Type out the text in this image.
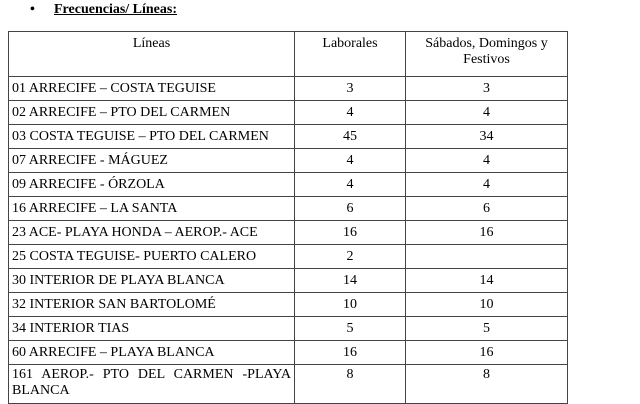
•	Frecuencias/ Líneas:
Líneas	Laborales	Sábados, Domingos y Festivos
01 ARRECIFE – COSTA TEGUISE	3	3
02 ARRECIFE – PTO DEL CARMEN	4	4
03 COSTA TEGUISE – PTO DEL CARMEN	45	34
07 ARRECIFE - MÁGUEZ	4	4
09 ARRECIFE - ÓRZOLA	4	4
16 ARRECIFE – LA SANTA	6	6
23 ACE- PLAYA HONDA – AEROP.- ACE	16	16
25 COSTA TEGUISE- PUERTO CALERO	2	
30 INTERIOR DE PLAYA BLANCA	14	14
32 INTERIOR SAN BARTOLOMÉ	10	10
34 INTERIOR TIAS	5	5
60 ARRECIFE – PLAYA BLANCA	16	16
161 AEROP.- PTO DEL CARMEN -PLAYA BLANCA	8	8
